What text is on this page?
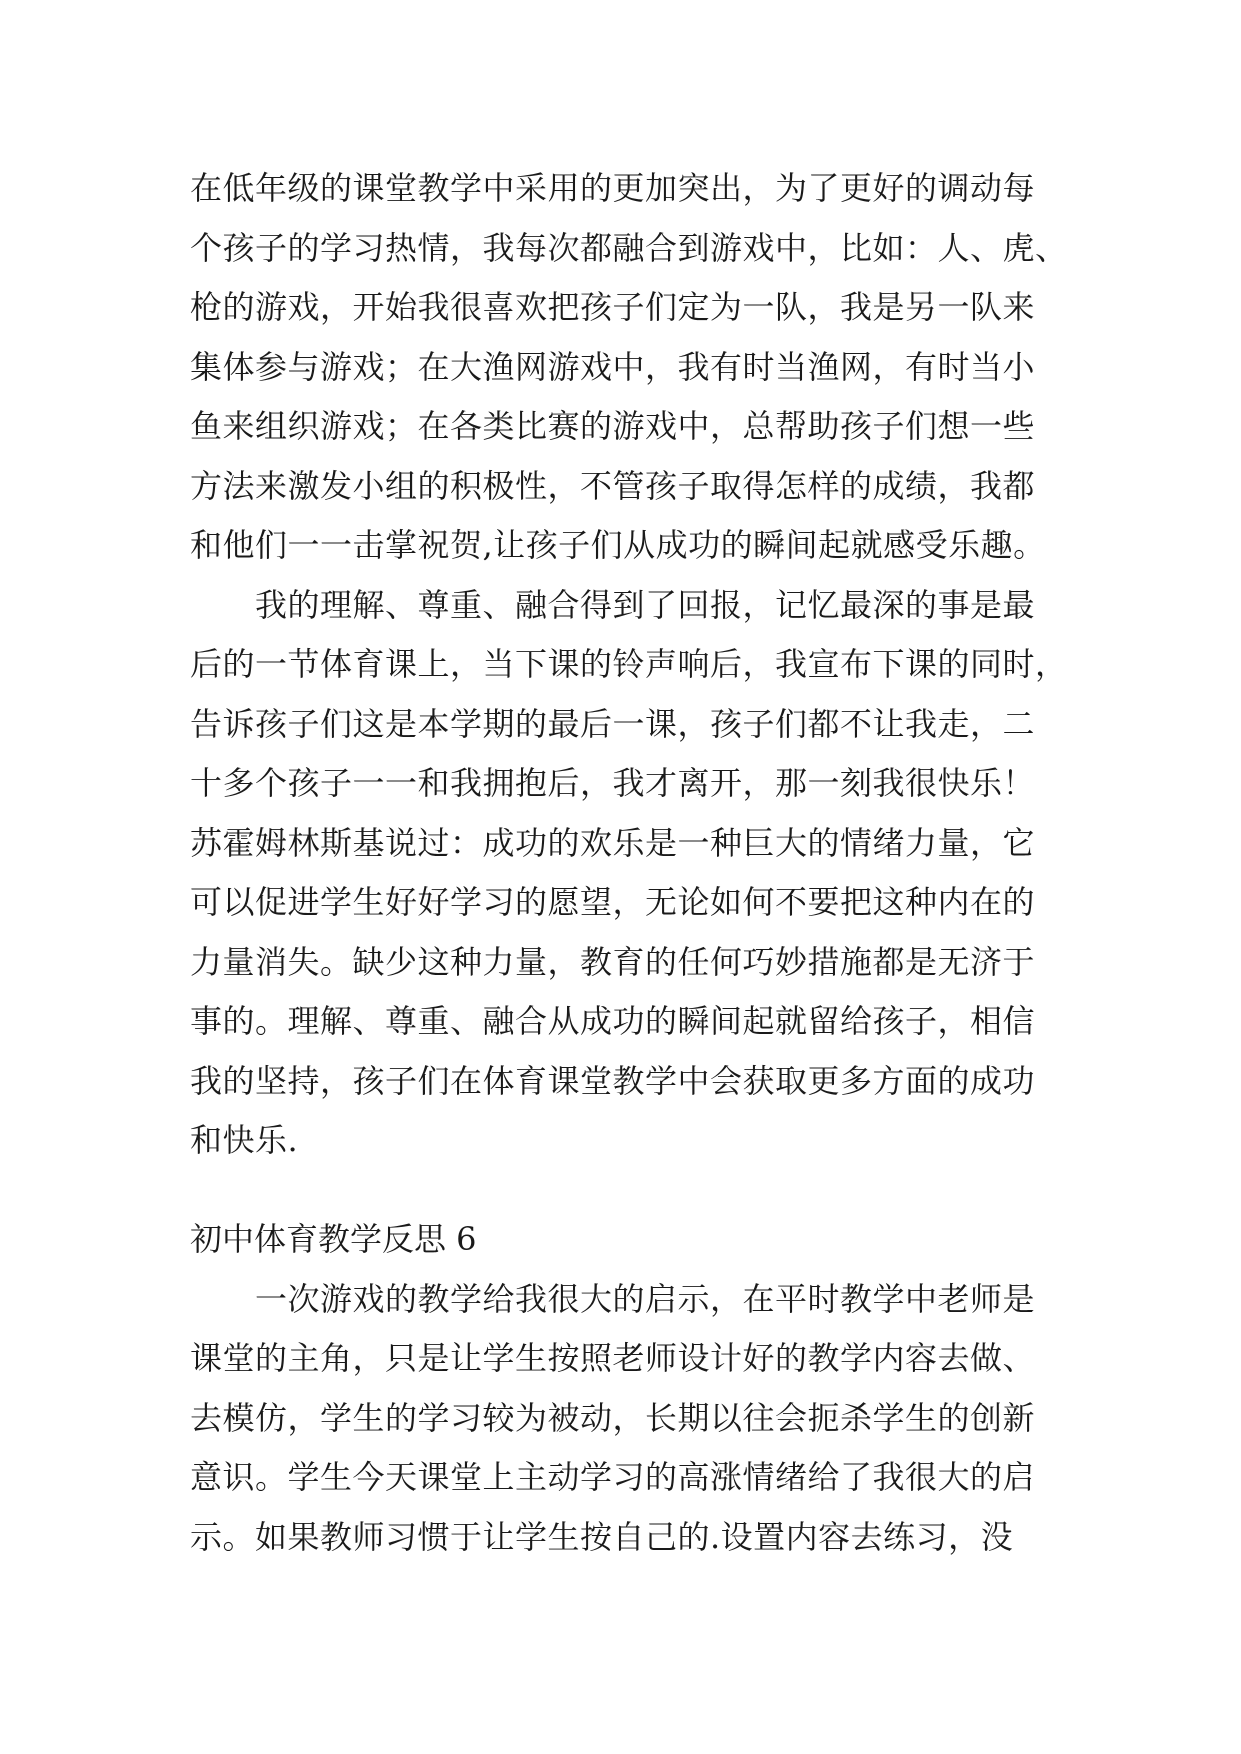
在低年级的课堂教学中采用的更加突出，为了更好的调动每
个孩子的学习热情，我每次都融合到游戏中，比如：人、虎、
枪的游戏，开始我很喜欢把孩子们定为一队，我是另一队来
集体参与游戏；在大渔网游戏中，我有时当渔网，有时当小
鱼来组织游戏；在各类比赛的游戏中，总帮助孩子们想一些
方法来激发小组的积极性，不管孩子取得怎样的成绩，我都
和他们一一击掌祝贺,让孩子们从成功的瞬间起就感受乐趣。
我的理解、尊重、融合得到了回报，记忆最深的事是最
后的一节体育课上，当下课的铃声响后，我宣布下课的同时，
告诉孩子们这是本学期的最后一课，孩子们都不让我走，二
十多个孩子一一和我拥抱后，我才离开，那一刻我很快乐！
苏霍姆林斯基说过：成功的欢乐是一种巨大的情绪力量，它
可以促进学生好好学习的愿望，无论如何不要把这种内在的
力量消失。缺少这种力量，教育的任何巧妙措施都是无济于
事的。理解、尊重、融合从成功的瞬间起就留给孩子，相信
我的坚持，孩子们在体育课堂教学中会获取更多方面的成功
和快乐.
初中体育教学反思 6
一次游戏的教学给我很大的启示，在平时教学中老师是
课堂的主角，只是让学生按照老师设计好的教学内容去做、
去模仿，学生的学习较为被动，长期以往会扼杀学生的创新
意识。学生今天课堂上主动学习的高涨情绪给了我很大的启
示。如果教师习惯于让学生按自己的.设置内容去练习，没
